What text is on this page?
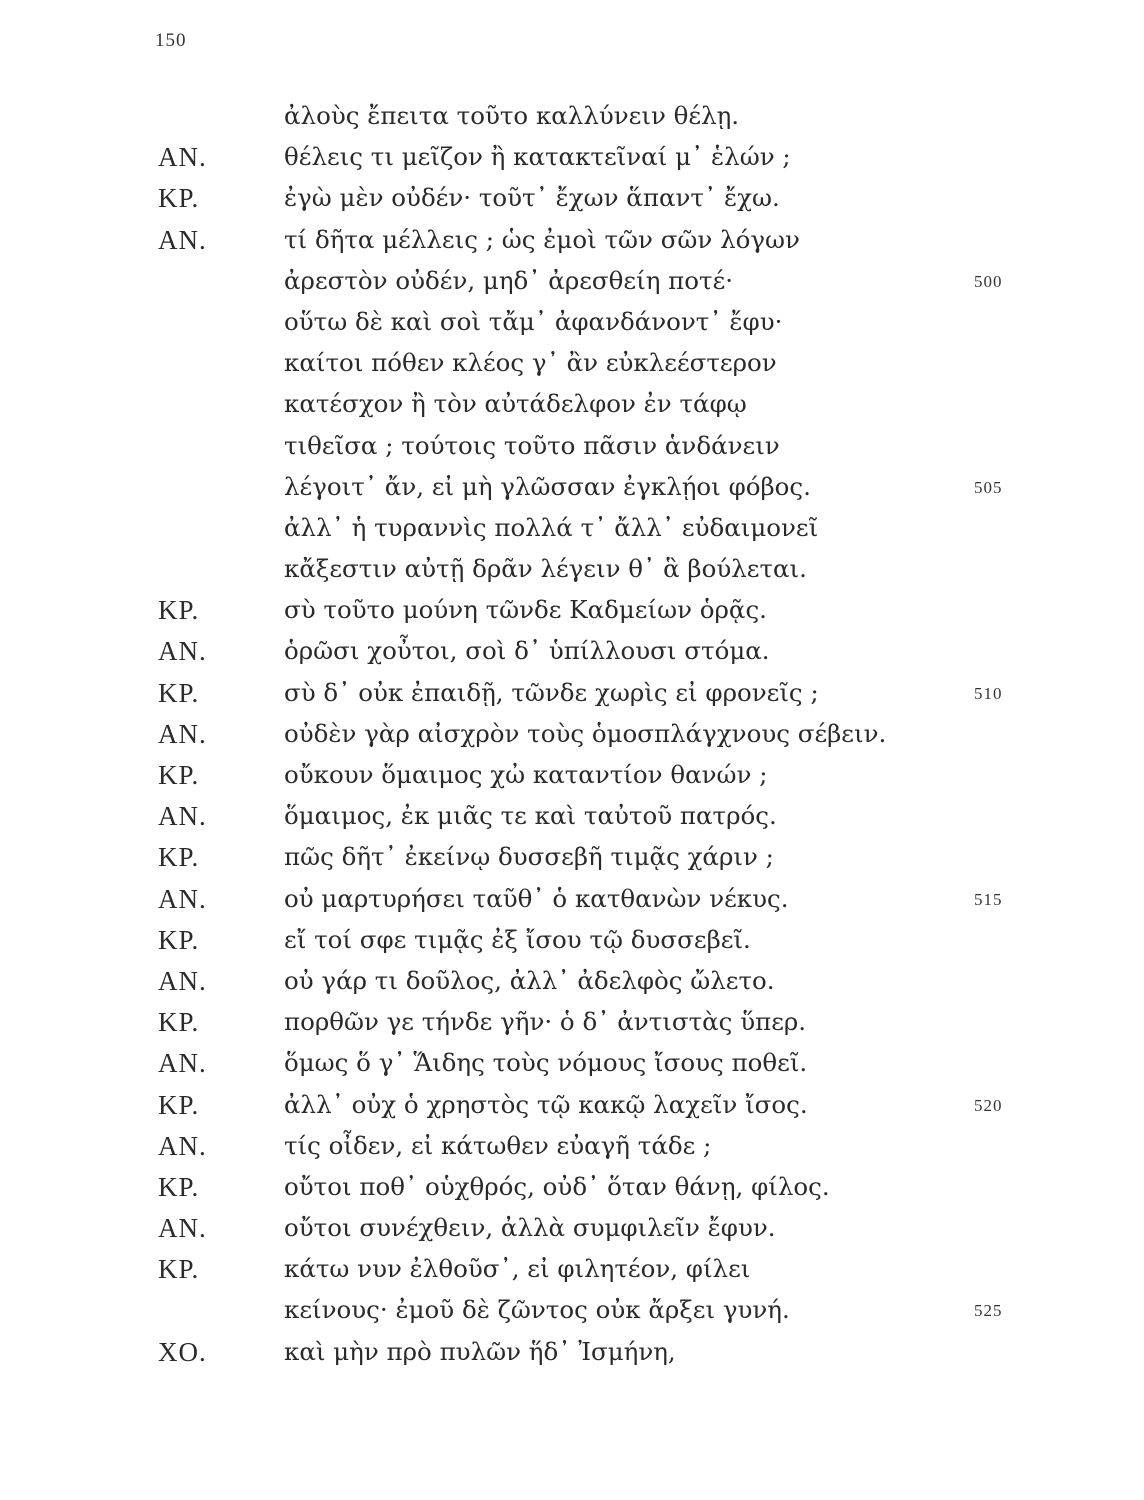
150
ἀλοὺς ἔπειτα τοῦτο καλλύνειν θέλῃ.
AN.	θέλεις τι μεῖζον ἢ κατακτεῖναί μ᾽ ἑλών ;
KP.	ἐγὼ μὲν οὐδέν· τοῦτ᾽ ἔχων ἅπαντ᾽ ἔχω.
AN.	τί δῆτα μέλλεις ; ὡς ἐμοὶ τῶν σῶν λόγων
ἀρεστὸν οὐδέν, μηδ᾽ ἀρεσθείη ποτέ·	500
οὕτω δὲ καὶ σοὶ τἄμ᾽ ἀφανδάνοντ᾽ ἔφυ·
καίτοι πόθεν κλέος γ᾽ ἂν εὐκλεέστερον
κατέσχον ἢ τὸν αὐτάδελφον ἐν τάφῳ
τιθεῖσα ; τούτοις τοῦτο πᾶσιν ἁνδάνειν
λέγοιτ᾽ ἄν, εἰ μὴ γλῶσσαν ἐγκλῄοι φόβος.	505
ἀλλ᾽ ἡ τυραννὶς πολλά τ᾽ ἄλλ᾽ εὐδαιμονεῖ
κἄξεστιν αὐτῇ δρᾶν λέγειν θ᾽ ἃ βούλεται.
KP.	σὺ τοῦτο μούνη τῶνδε Καδμείων ὁρᾷς.
AN.	ὁρῶσι χοὖτοι, σοὶ δ᾽ ὑπίλλουσι στόμα.
KP.	σὺ δ᾽ οὐκ ἐπαιδῇ, τῶνδε χωρὶς εἰ φρονεῖς ;	510
AN.	οὐδὲν γὰρ αἰσχρὸν τοὺς ὁμοσπλάγχνους σέβειν.
KP.	οὔκουν ὅμαιμος χὠ καταντίον θανών ;
AN.	ὅμαιμος, ἐκ μιᾶς τε καὶ ταὐτοῦ πατρός.
KP.	πῶς δῆτ᾽ ἐκείνῳ δυσσεβῆ τιμᾷς χάριν ;
AN.	οὐ μαρτυρήσει ταῦθ᾽ ὁ κατθανὼν νέκυς.	515
KP.	εἴ τοί σφε τιμᾷς ἐξ ἴσου τῷ δυσσεβεῖ.
AN.	οὐ γάρ τι δοῦλος, ἀλλ᾽ ἀδελφὸς ὤλετο.
KP.	πορθῶν γε τήνδε γῆν· ὁ δ᾽ ἀντιστὰς ὕπερ.
AN.	ὅμως ὅ γ᾽ Ἅιδης τοὺς νόμους ἴσους ποθεῖ.
KP.	ἀλλ᾽ οὐχ ὁ χρηστὸς τῷ κακῷ λαχεῖν ἴσος.	520
AN.	τίς οἶδεν, εἰ κάτωθεν εὐαγῆ τάδε ;
KP.	οὔτοι ποθ᾽ οὑχθρός, οὐδ᾽ ὅταν θάνῃ, φίλος.
AN.	οὔτοι συνέχθειν, ἀλλὰ συμφιλεῖν ἔφυν.
KP.	κάτω νυν ἐλθοῦσ᾽, εἰ φιλητέον, φίλει
κείνους· ἐμοῦ δὲ ζῶντος οὐκ ἄρξει γυνή.	525
XO.	καὶ μὴν πρὸ πυλῶν ἥδ᾽ Ἰσμήνη,
